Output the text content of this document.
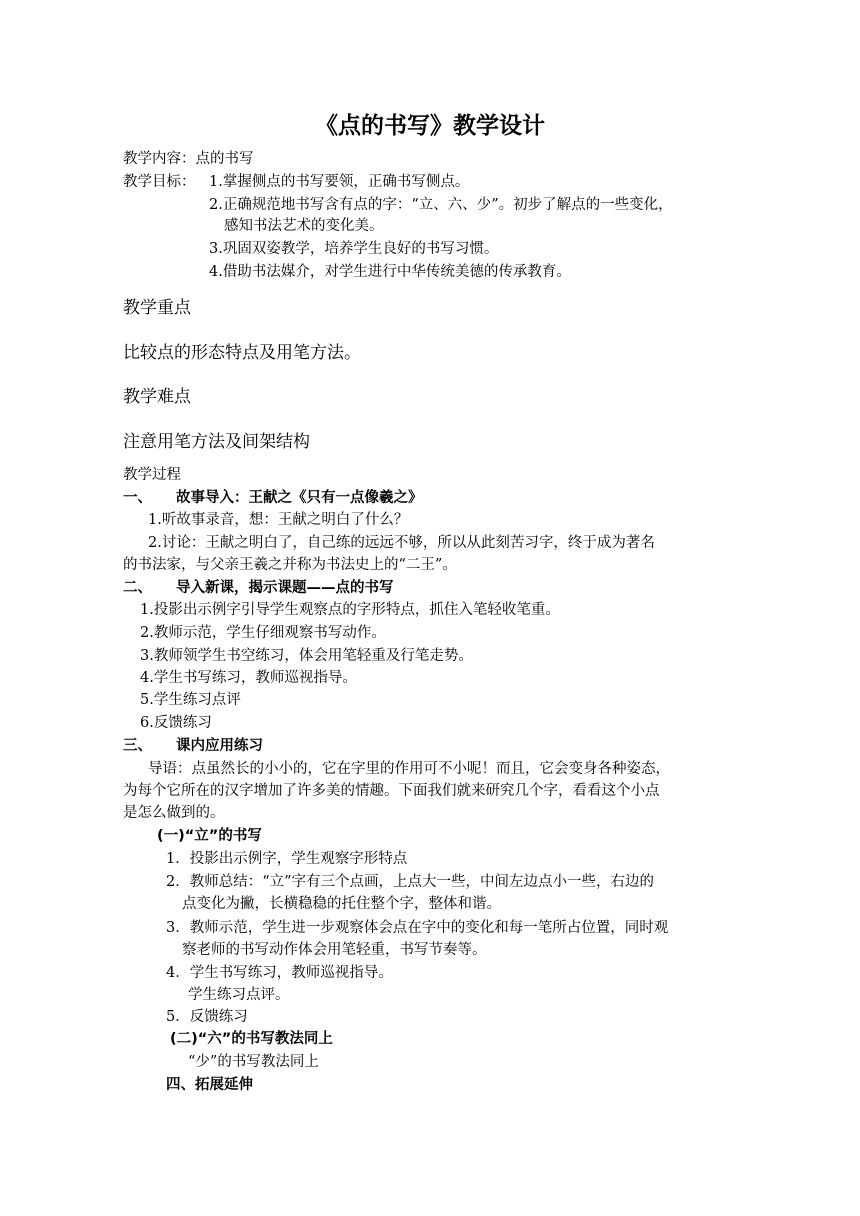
《点的书写》教学设计
教学内容：点的书写
教学目标： 1.掌握侧点的书写要领，正确书写侧点。
2.正确规范地书写含有点的字：“立、六、少”。初步了解点的一些变化，
感知书法艺术的变化美。
3.巩固双姿教学，培养学生良好的书写习惯。
4.借助书法媒介，对学生进行中华传统美德的传承教育。
教学重点
比较点的形态特点及用笔方法。
教学难点
注意用笔方法及间架结构
教学过程
一、 故事导入：王献之《只有一点像羲之》
1.听故事录音，想：王献之明白了什么？
2.讨论：王献之明白了，自己练的远远不够，所以从此刻苦习字，终于成为著名
的书法家，与父亲王羲之并称为书法史上的“二王”。
二、 导入新课，揭示课题——点的书写
1.投影出示例字引导学生观察点的字形特点，抓住入笔轻收笔重。
2.教师示范，学生仔细观察书写动作。
3.教师领学生书空练习，体会用笔轻重及行笔走势。
4.学生书写练习，教师巡视指导。
5.学生练习点评
6.反馈练习
三、 课内应用练习
导语：点虽然长的小小的，它在字里的作用可不小呢！而且，它会变身各种姿态，
为每个它所在的汉字增加了许多美的情趣。下面我们就来研究几个字，看看这个小点
是怎么做到的。
(一)“立”的书写
1．投影出示例字，学生观察字形特点
2．教师总结：“立”字有三个点画，上点大一些，中间左边点小一些，右边的
点变化为撇，长横稳稳的托住整个字，整体和谐。
3．教师示范，学生进一步观察体会点在字中的变化和每一笔所占位置，同时观
察老师的书写动作体会用笔轻重，书写节奏等。
4．学生书写练习，教师巡视指导。
学生练习点评。
5．反馈练习
(二)“六”的书写教法同上
“少”的书写教法同上
四、拓展延伸
